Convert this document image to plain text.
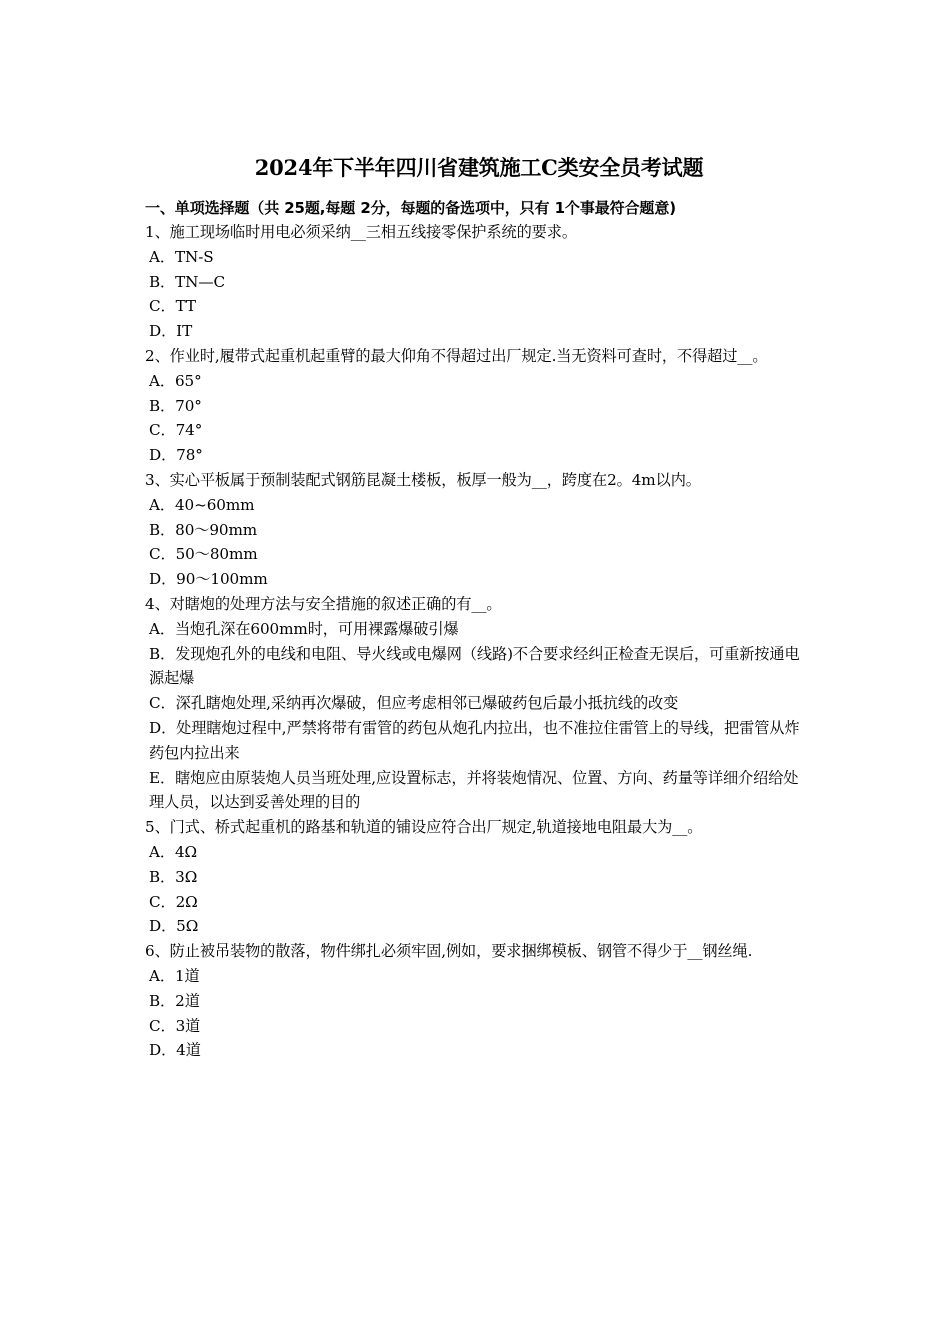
2024年下半年四川省建筑施工C类安全员考试题
一、单项选择题（共 25题,每题 2分，每题的备选项中，只有 1个事最符合题意)
1、施工现场临时用电必须采纳__三相五线接零保护系统的要求。
A．TN-S
B．TN—C
C．TT
D．IT
2、作业时,履带式起重机起重臂的最大仰角不得超过出厂规定.当无资料可查时，不得超过__。
A．65°
B．70°
C．74°
D．78°
3、实心平板属于预制装配式钢筋昆凝土楼板，板厚一般为__，跨度在2。4m以内。
A．40~60mm
B．80～90mm
C．50～80mm
D．90～100mm
4、对瞎炮的处理方法与安全措施的叙述正确的有__。
A．当炮孔深在600mm时，可用裸露爆破引爆
B．发现炮孔外的电线和电阻、导火线或电爆网（线路)不合要求经纠正检查无误后，可重新按通电源起爆
C．深孔瞎炮处理,采纳再次爆破，但应考虑相邻已爆破药包后最小抵抗线的改变
D．处理瞎炮过程中,严禁将带有雷管的药包从炮孔内拉出，也不准拉住雷管上的导线，把雷管从炸药包内拉出来
E．瞎炮应由原装炮人员当班处理,应设置标志，并将装炮情况、位置、方向、药量等详细介绍给处理人员，以达到妥善处理的目的
5、门式、桥式起重机的路基和轨道的铺设应符合出厂规定,轨道接地电阻最大为__。
A．4Ω
B．3Ω
C．2Ω
D．5Ω
6、防止被吊装物的散落，物件绑扎必须牢固,例如，要求捆绑模板、钢管不得少于__钢丝绳.
A．1道
B．2道
C．3道
D．4道
